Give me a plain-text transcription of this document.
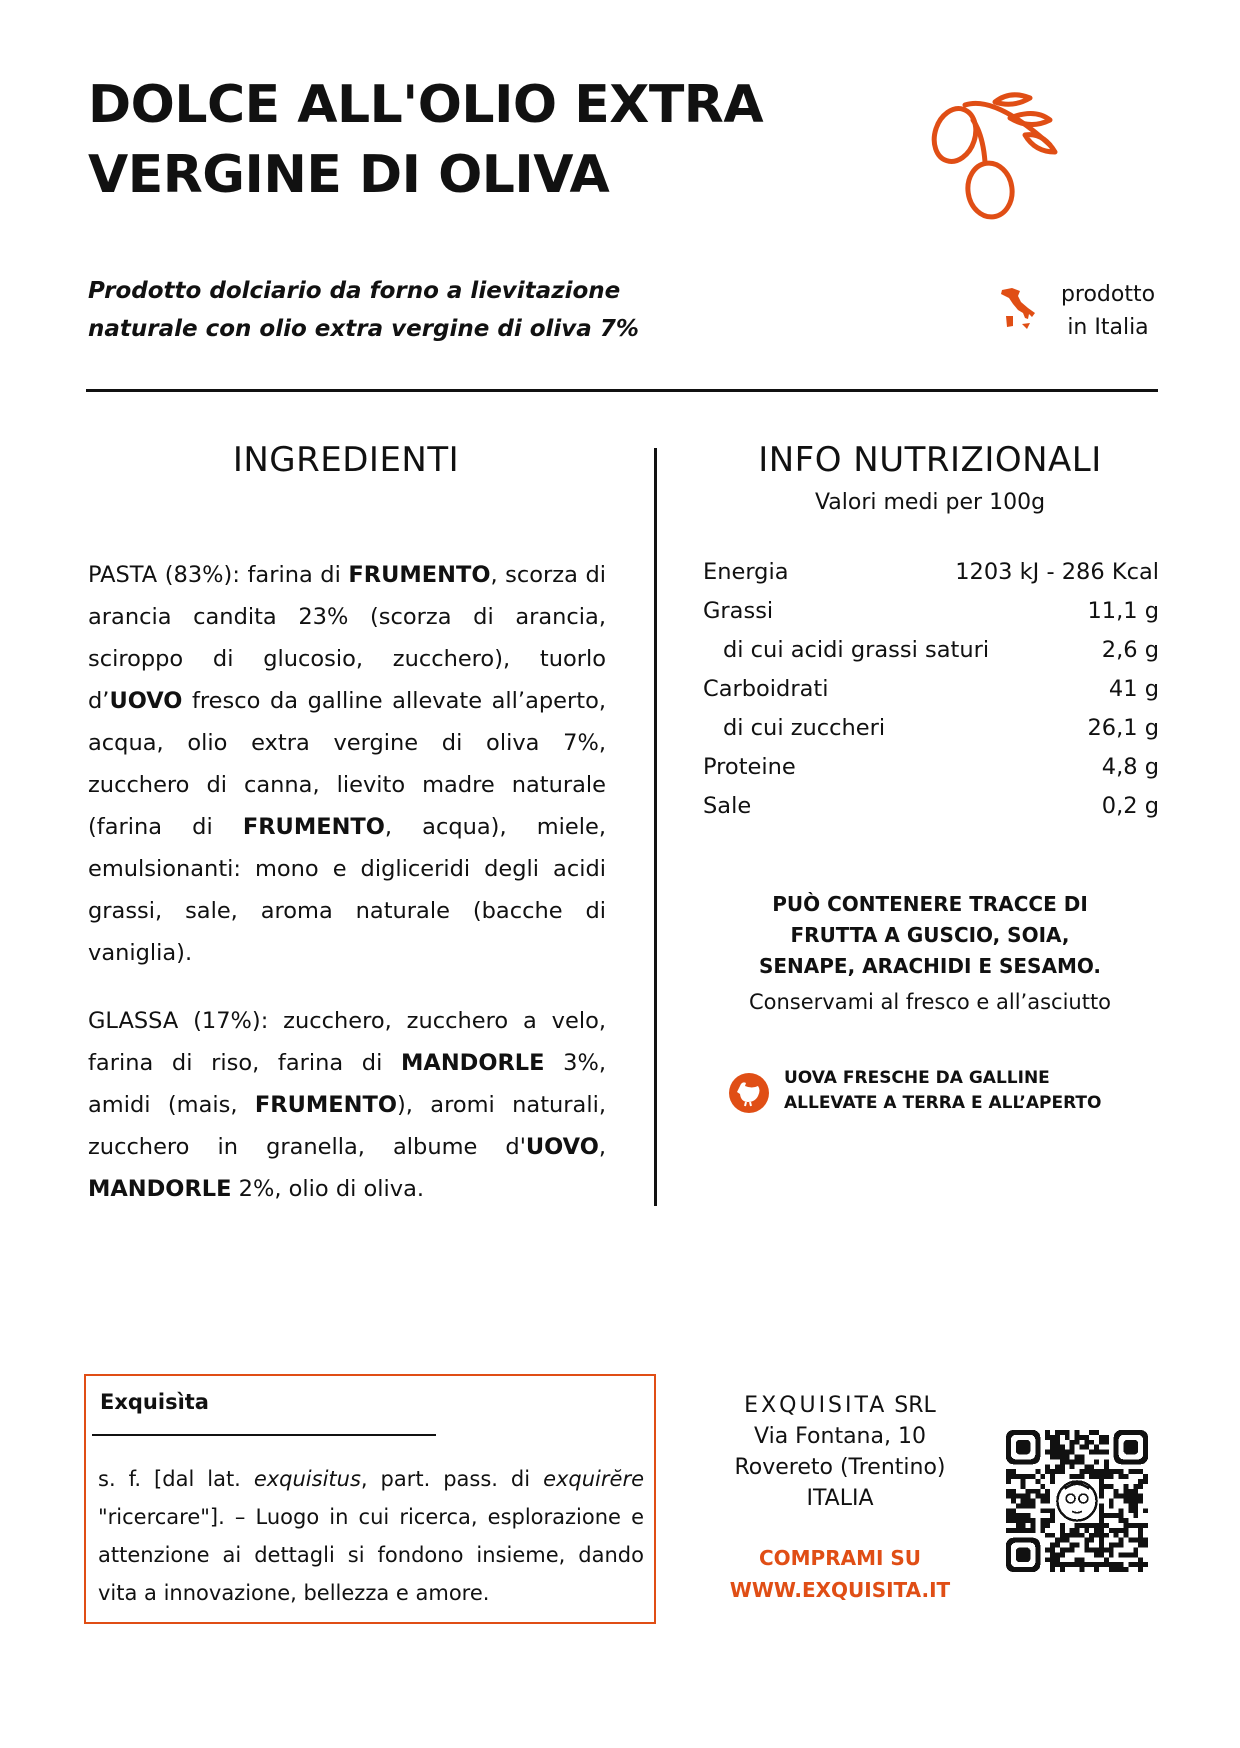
DOLCE ALL'OLIO EXTRA
VERGINE DI OLIVA
Prodotto dolciario da forno a lievitazione
naturale con olio extra vergine di oliva 7%
prodotto
in Italia
INGREDIENTI

PASTA (83%): farina di FRUMENTO, scorza di arancia candita 23% (scorza di arancia, sciroppo di glucosio, zucchero), tuorlo d’UOVO fresco da galline allevate all’aperto, acqua, olio extra vergine di oliva 7%, zucchero di canna, lievito madre naturale (farina di FRUMENTO, acqua), miele, emulsionanti: mono e digliceridi degli acidi grassi, sale, aroma naturale (bacche di vaniglia).

GLASSA (17%): zucchero, zucchero a velo, farina di riso, farina di MANDORLE 3%, amidi (mais, FRUMENTO), aromi naturali, zucchero in granella, albume d'UOVO, MANDORLE 2%, olio di oliva.

INFO NUTRIZIONALI
Valori medi per 100g
Energia	1203 kJ - 286 Kcal
Grassi	11,1 g
di cui acidi grassi saturi	2,6 g
Carboidrati	41 g
di cui zuccheri	26,1 g
Proteine	4,8 g
Sale	0,2 g
PUÒ CONTENERE TRACCE DI
FRUTTA A GUSCIO, SOIA,
SENAPE, ARACHIDI E SESAMO.
Conservami al fresco e all’asciutto
UOVA FRESCHE DA GALLINE
ALLEVATE A TERRA E ALL’APERTO
Exquisìta
s. f. [dal lat. exquisitus, part. pass. di exquirĕre "ricercare"]. – Luogo in cui ricerca, esplorazione e attenzione ai dettagli si fondono insieme, dando vita a innovazione, bellezza e amore.
EXQUISITA SRL
Via Fontana, 10
Rovereto (Trentino)
ITALIA
COMPRAMI SU
WWW.EXQUISITA.IT
